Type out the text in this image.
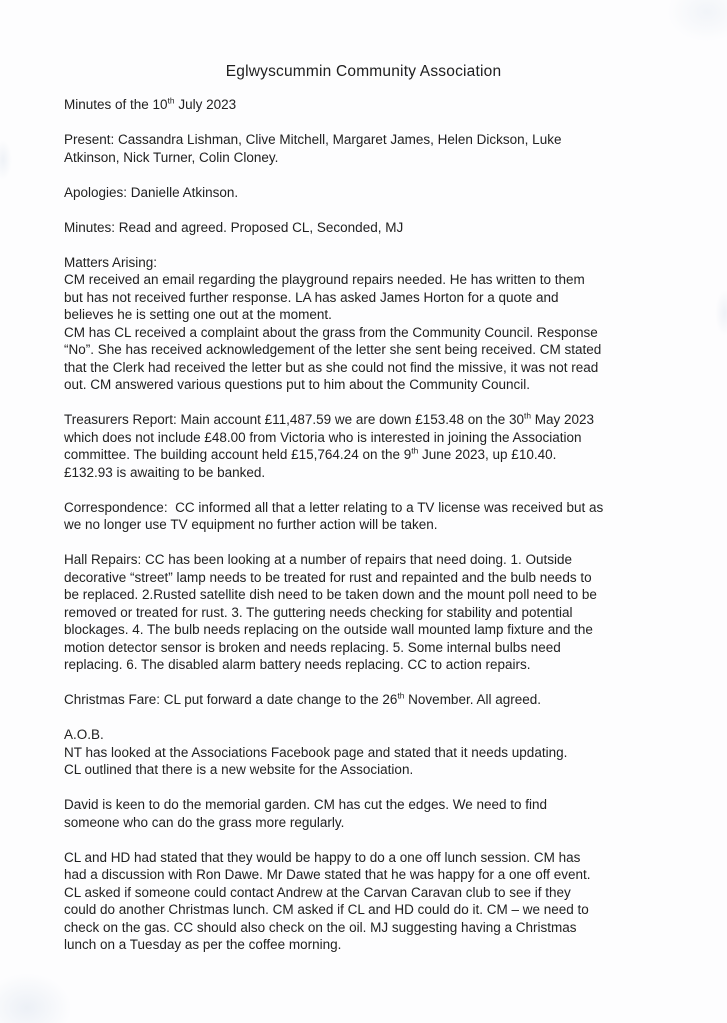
Eglwyscummin Community Association
Minutes of the 10th July 2023
Present: Cassandra Lishman, Clive Mitchell, Margaret James, Helen Dickson, Luke
Atkinson, Nick Turner, Colin Cloney.
Apologies: Danielle Atkinson.
Minutes: Read and agreed. Proposed CL, Seconded, MJ
Matters Arising:
CM received an email regarding the playground repairs needed. He has written to them
but has not received further response. LA has asked James Horton for a quote and
believes he is setting one out at the moment.
CM has CL received a complaint about the grass from the Community Council. Response
“No”. She has received acknowledgement of the letter she sent being received. CM stated
that the Clerk had received the letter but as she could not find the missive, it was not read
out. CM answered various questions put to him about the Community Council.
Treasurers Report: Main account £11,487.59 we are down £153.48 on the 30th May 2023
which does not include £48.00 from Victoria who is interested in joining the Association
committee. The building account held £15,764.24 on the 9th June 2023, up £10.40.
£132.93 is awaiting to be banked.
Correspondence:  CC informed all that a letter relating to a TV license was received but as
we no longer use TV equipment no further action will be taken.
Hall Repairs: CC has been looking at a number of repairs that need doing. 1. Outside
decorative “street” lamp needs to be treated for rust and repainted and the bulb needs to
be replaced. 2.Rusted satellite dish need to be taken down and the mount poll need to be
removed or treated for rust. 3. The guttering needs checking for stability and potential
blockages. 4. The bulb needs replacing on the outside wall mounted lamp fixture and the
motion detector sensor is broken and needs replacing. 5. Some internal bulbs need
replacing. 6. The disabled alarm battery needs replacing. CC to action repairs.
Christmas Fare: CL put forward a date change to the 26th November. All agreed.
A.O.B.
NT has looked at the Associations Facebook page and stated that it needs updating.
CL outlined that there is a new website for the Association.
David is keen to do the memorial garden. CM has cut the edges. We need to find
someone who can do the grass more regularly.
CL and HD had stated that they would be happy to do a one off lunch session. CM has
had a discussion with Ron Dawe. Mr Dawe stated that he was happy for a one off event.
CL asked if someone could contact Andrew at the Carvan Caravan club to see if they
could do another Christmas lunch. CM asked if CL and HD could do it. CM – we need to
check on the gas. CC should also check on the oil. MJ suggesting having a Christmas
lunch on a Tuesday as per the coffee morning.
